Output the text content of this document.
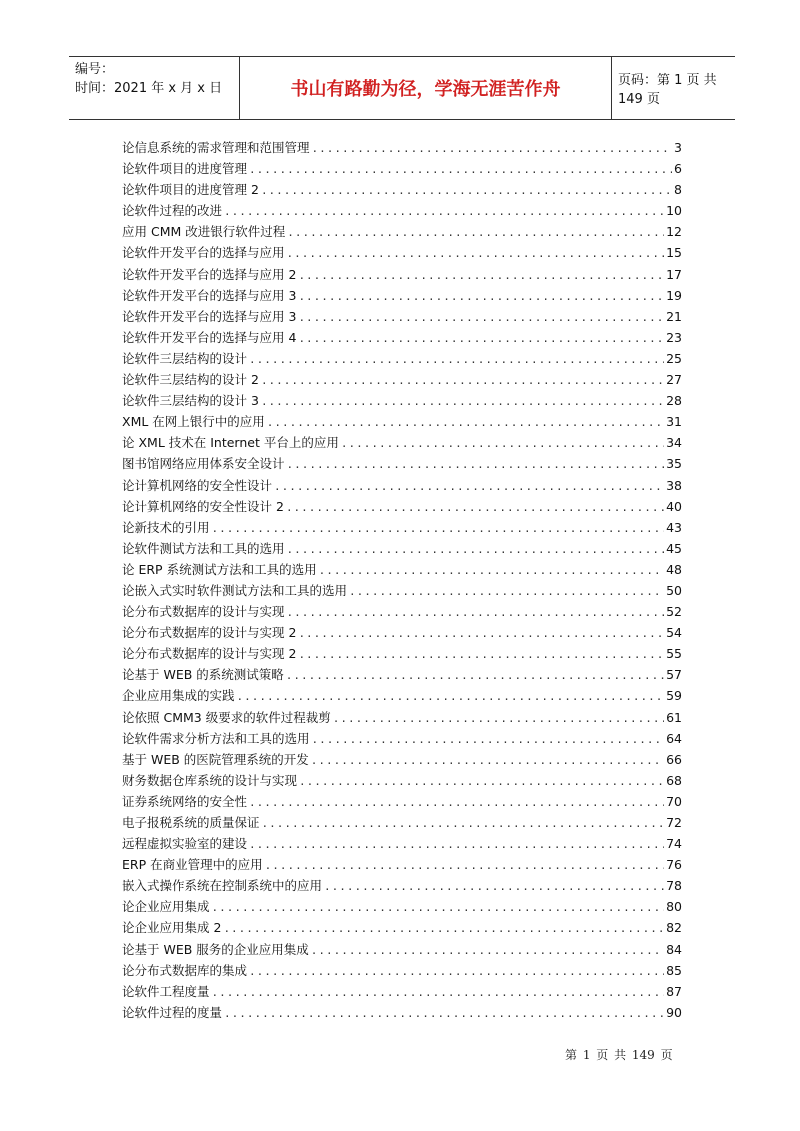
编号：
时间：2021 年 x 月 x 日	书山有路勤为径，学海无涯苦作舟	页码：第 1 页 共 149 页
论信息系统的需求管理和范围管理 .....	3
论软件项目的进度管理 .....	6
论软件项目的进度管理 2 .....	8
论软件过程的改进 .....	10
应用 CMM 改进银行软件过程 .....	12
论软件开发平台的选择与应用 .....	15
论软件开发平台的选择与应用 2 .....	17
论软件开发平台的选择与应用 3 .....	19
论软件开发平台的选择与应用 3 .....	21
论软件开发平台的选择与应用 4 .....	23
论软件三层结构的设计 .....	25
论软件三层结构的设计 2 .....	27
论软件三层结构的设计 3 .....	28
XML 在网上银行中的应用 .....	31
论 XML 技术在 Internet 平台上的应用 .....	34
图书馆网络应用体系安全设计 .....	35
论计算机网络的安全性设计 .....	38
论计算机网络的安全性设计 2 .....	40
论新技术的引用 .....	43
论软件测试方法和工具的选用 .....	45
论 ERP 系统测试方法和工具的选用 .....	48
论嵌入式实时软件测试方法和工具的选用 .....	50
论分布式数据库的设计与实现 .....	52
论分布式数据库的设计与实现 2 .....	54
论分布式数据库的设计与实现 2 .....	55
论基于 WEB 的系统测试策略 .....	57
企业应用集成的实践 .....	59
论依照 CMM3 级要求的软件过程裁剪 .....	61
论软件需求分析方法和工具的选用 .....	64
基于 WEB 的医院管理系统的开发 .....	66
财务数据仓库系统的设计与实现 .....	68
证券系统网络的安全性 .....	70
电子报税系统的质量保证 .....	72
远程虚拟实验室的建设 .....	74
ERP 在商业管理中的应用 .....	76
嵌入式操作系统在控制系统中的应用 .....	78
论企业应用集成 .....	80
论企业应用集成 2 .....	82
论基于 WEB 服务的企业应用集成 .....	84
论分布式数据库的集成 .....	85
论软件工程度量 .....	87
论软件过程的度量 .....	90
第 1 页 共 149 页
